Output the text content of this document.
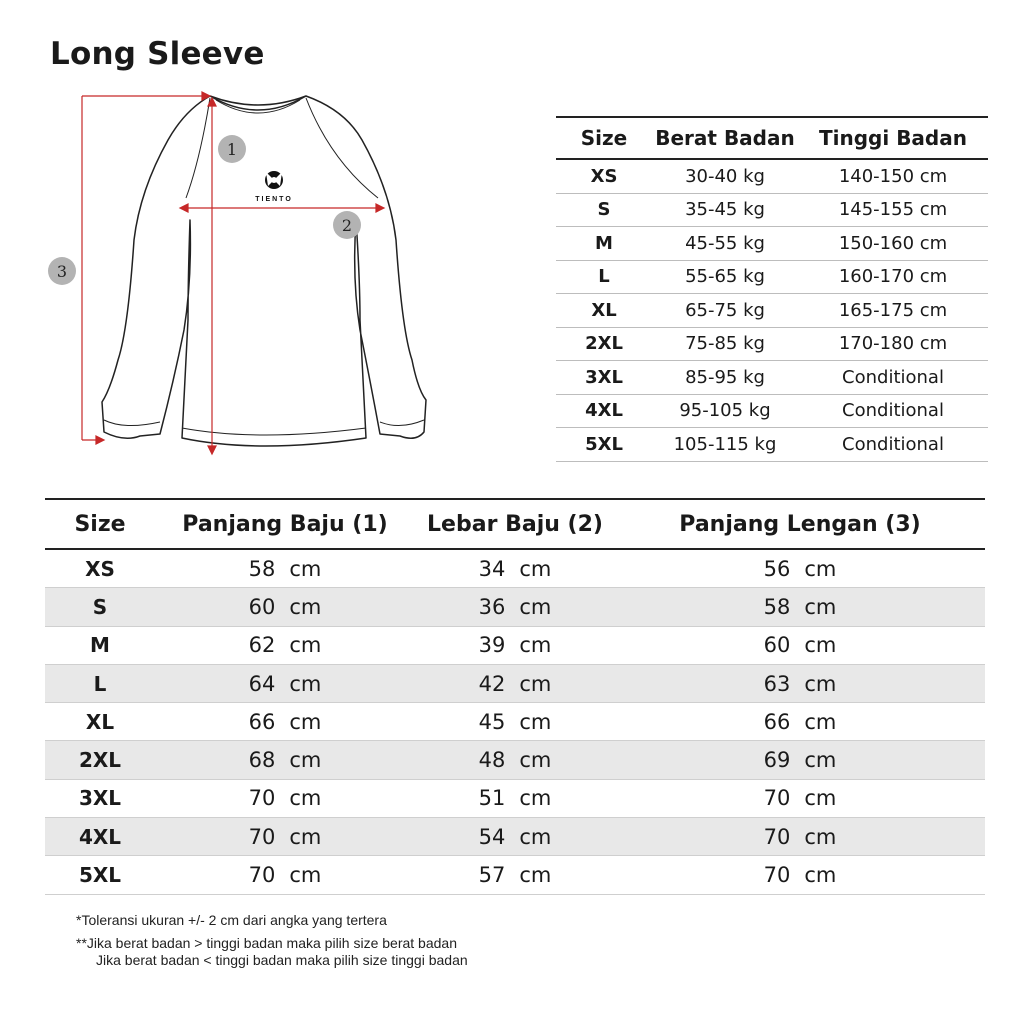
Long Sleeve
TIENTO
1
2
3
Size	Berat Badan	Tinggi Badan
XS	30-40 kg	140-150 cm
S	35-45 kg	145-155 cm
M	45-55 kg	150-160 cm
L	55-65 kg	160-170 cm
XL	65-75 kg	165-175 cm
2XL	75-85 kg	170-180 cm
3XL	85-95 kg	Conditional
4XL	95-105 kg	Conditional
5XL	105-115 kg	Conditional
Size	Panjang Baju (1)	Lebar Baju (2)	Panjang Lengan (3)
XS	58 cm	34 cm	56 cm
S	60 cm	36 cm	58 cm
M	62 cm	39 cm	60 cm
L	64 cm	42 cm	63 cm
XL	66 cm	45 cm	66 cm
2XL	68 cm	48 cm	69 cm
3XL	70 cm	51 cm	70 cm
4XL	70 cm	54 cm	70 cm
5XL	70 cm	57 cm	70 cm
*Toleransi ukuran +/- 2 cm dari angka yang tertera
**Jika berat badan > tinggi badan maka pilih size berat badan
Jika berat badan < tinggi badan maka pilih size tinggi badan
